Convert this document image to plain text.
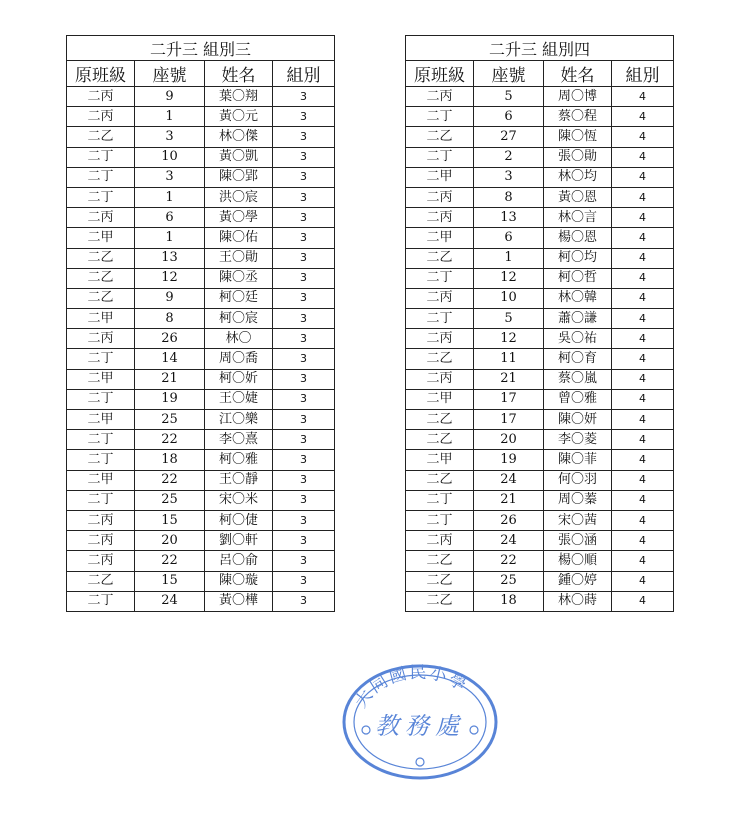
二升三 組別三			
原班級	座號	姓名	組別
二丙	9	葉〇翔	3
二丙	1	黃〇元	3
二乙	3	林〇傑	3
二丁	10	黃〇凱	3
二丁	3	陳〇郢	3
二丁	1	洪〇宸	3
二丙	6	黃〇學	3
二甲	1	陳〇佑	3
二乙	13	王〇勛	3
二乙	12	陳〇丞	3
二乙	9	柯〇廷	3
二甲	8	柯〇宸	3
二丙	26	林〇	3
二丁	14	周〇喬	3
二甲	21	柯〇妡	3
二丁	19	王〇婕	3
二甲	25	江〇樂	3
二丁	22	李〇熹	3
二丁	18	柯〇雅	3
二甲	22	王〇靜	3
二丁	25	宋〇米	3
二丙	15	柯〇倢	3
二丙	20	劉〇軒	3
二丙	22	呂〇俞	3
二乙	15	陳〇璇	3
二丁	24	黃〇樺	3
二升三 組別四			
原班級	座號	姓名	組別
二丙	5	周〇博	4
二丁	6	蔡〇程	4
二乙	27	陳〇恆	4
二丁	2	張〇勛	4
二甲	3	林〇均	4
二丙	8	黃〇恩	4
二丙	13	林〇言	4
二甲	6	楊〇恩	4
二乙	1	柯〇均	4
二丁	12	柯〇哲	4
二丙	10	林〇韓	4
二丁	5	蕭〇謙	4
二丙	12	吳〇祐	4
二乙	11	柯〇育	4
二丙	21	蔡〇嵐	4
二甲	17	曾〇雅	4
二乙	17	陳〇妍	4
二乙	20	李〇菱	4
二甲	19	陳〇菲	4
二乙	24	何〇羽	4
二丁	21	周〇蓁	4
二丁	26	宋〇茜	4
二丙	24	張〇涵	4
二乙	22	楊〇順	4
二乙	25	鍾〇婷	4
二乙	18	林〇蒔	4
大同國民小學
教務處
